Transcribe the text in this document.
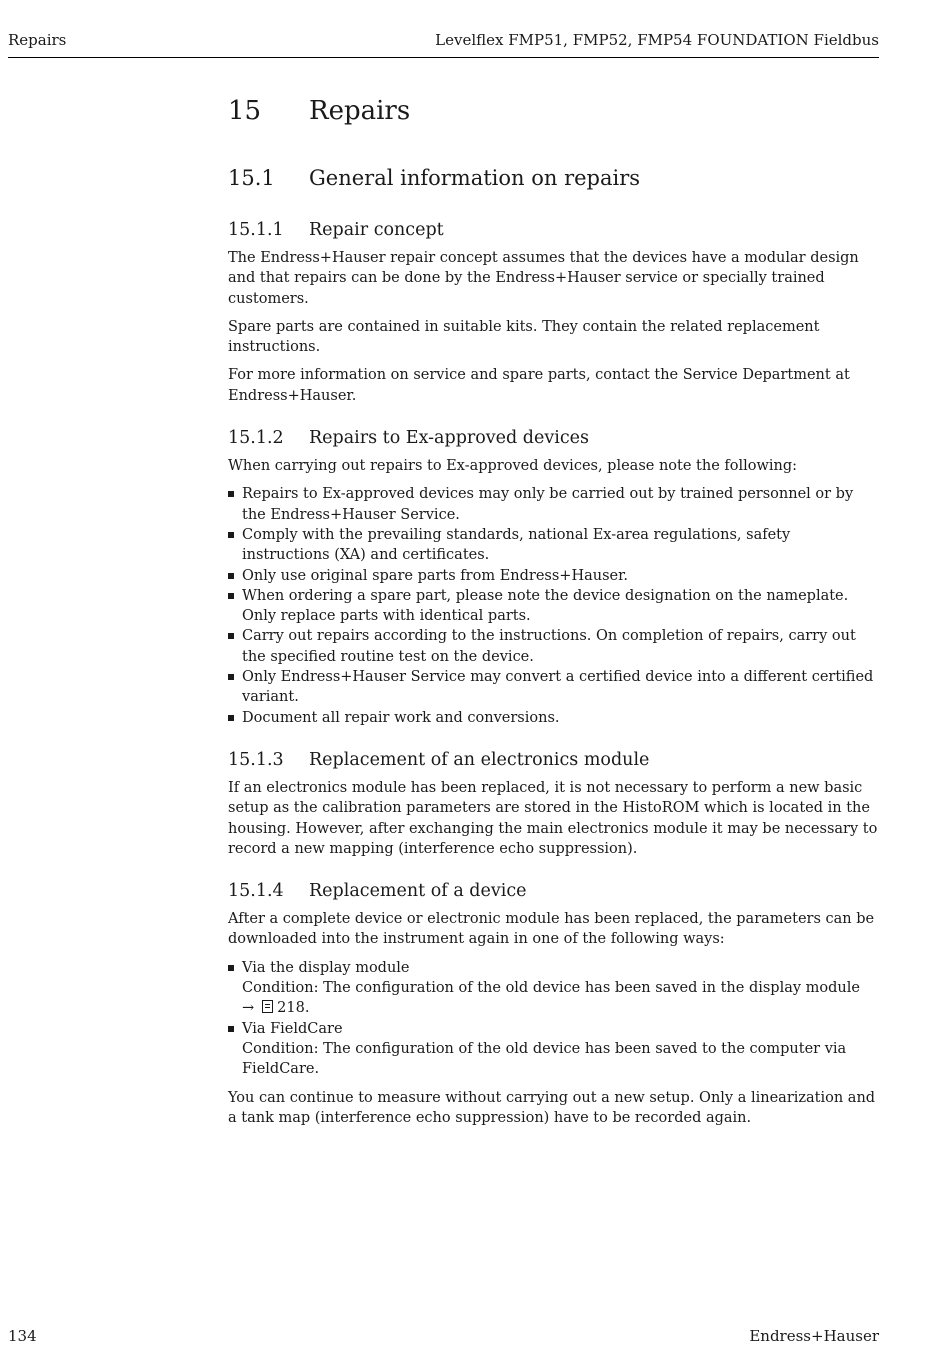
Repairs	Levelflex FMP51, FMP52, FMP54 FOUNDATION Fieldbus
15	Repairs
15.1	General information on repairs
15.1.1	Repair concept

The Endress+Hauser repair concept assumes that the devices have a modular design and that repairs can be done by the Endress+Hauser service or specially trained customers.

Spare parts are contained in suitable kits. They contain the related replacement instructions.

For more information on service and spare parts, contact the Service Department at Endress+Hauser.

15.1.2	Repairs to Ex-approved devices

When carrying out repairs to Ex-approved devices, please note the following:

Repairs to Ex-approved devices may only be carried out by trained personnel or by the Endress+Hauser Service.
Comply with the prevailing standards, national Ex-area regulations, safety instructions (XA) and certificates.
Only use original spare parts from Endress+Hauser.
When ordering a spare part, please note the device designation on the nameplate. Only replace parts with identical parts.
Carry out repairs according to the instructions. On completion of repairs, carry out the specified routine test on the device.
Only Endress+Hauser Service may convert a certified device into a different certified variant.
Document all repair work and conversions.
15.1.3	Replacement of an electronics module

If an electronics module has been replaced, it is not necessary to perform a new basic setup as the calibration parameters are stored in the HistoROM which is located in the housing. However, after exchanging the main electronics module it may be necessary to record a new mapping (interference echo suppression).

15.1.4	Replacement of a device

After a complete device or electronic module has been replaced, the parameters can be downloaded into the instrument again in one of the following ways:

Via the display module
Condition: The configuration of the old device has been saved in the display module
→ 218.
Via FieldCare
Condition: The configuration of the old device has been saved to the computer via FieldCare.

You can continue to measure without carrying out a new setup. Only a linearization and a tank map (interference echo suppression) have to be recorded again.

134	Endress+Hauser
